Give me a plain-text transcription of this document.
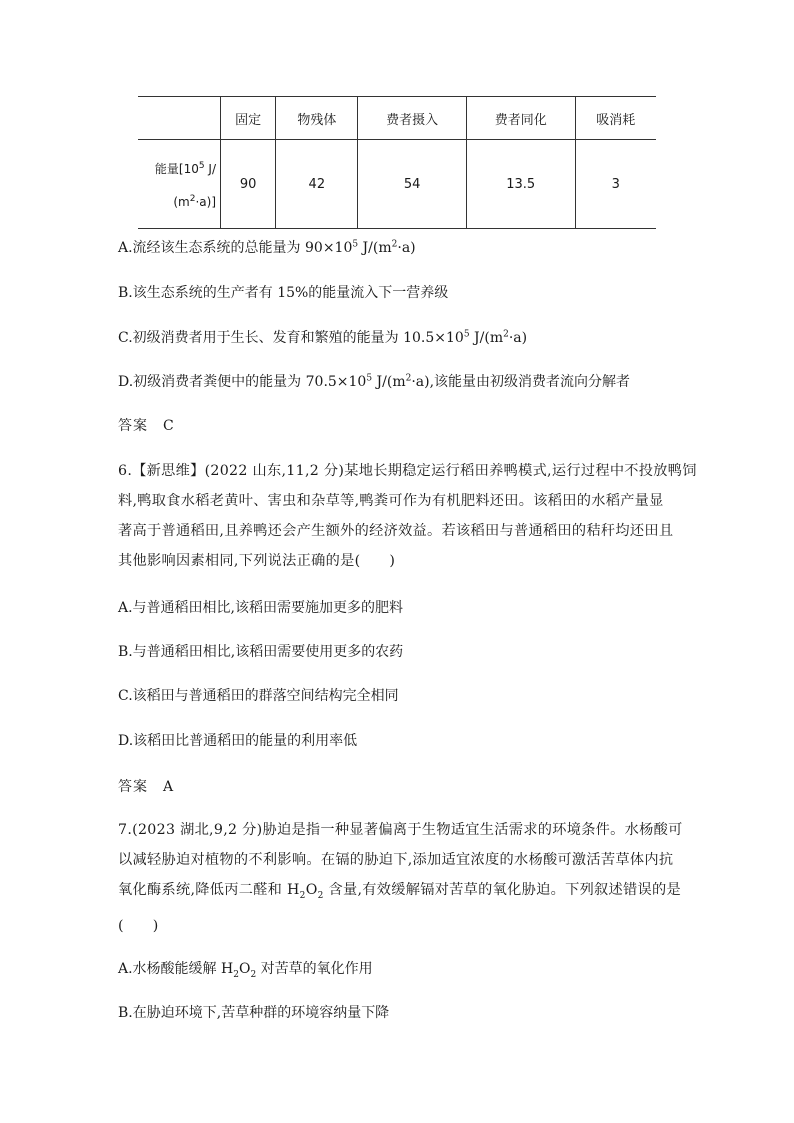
	固定	物残体	费者摄入	费者同化	吸消耗
能量[$10^5$ J/
$(m^2\cdot a)$]	90	42	54	13.5	3
A.流经该生态系统的总能量为 $90\times 10^5$ $J/(m^2\cdot a)$
B.该生态系统的生产者有 15%的能量流入下一营养级
C.初级消费者用于生长、发育和繁殖的能量为 $10.5\times 10^5$ $J/(m^2\cdot a)$
D.初级消费者粪便中的能量为 $70.5\times 10^5$ $J/(m^2\cdot a)$,该能量由初级消费者流向分解者
答案　C
6.【新思维】(2022 山东,11,2 分)某地长期稳定运行稻田养鸭模式,运行过程中不投放鸭饲
料,鸭取食水稻老黄叶、害虫和杂草等,鸭粪可作为有机肥料还田。该稻田的水稻产量显
著高于普通稻田,且养鸭还会产生额外的经济效益。若该稻田与普通稻田的秸秆均还田且
其他影响因素相同,下列说法正确的是(　　)
A.与普通稻田相比,该稻田需要施加更多的肥料
B.与普通稻田相比,该稻田需要使用更多的农药
C.该稻田与普通稻田的群落空间结构完全相同
D.该稻田比普通稻田的能量的利用率低
答案　A
7.(2023 湖北,9,2 分)胁迫是指一种显著偏离于生物适宜生活需求的环境条件。水杨酸可
以减轻胁迫对植物的不利影响。在镉的胁迫下,添加适宜浓度的水杨酸可激活苦草体内抗
氧化酶系统,降低丙二醛和 $H_2O_2$ 含量,有效缓解镉对苦草的氧化胁迫。下列叙述错误的是
(　　)
A.水杨酸能缓解 $H_2O_2$ 对苦草的氧化作用
B.在胁迫环境下,苦草种群的环境容纳量下降
